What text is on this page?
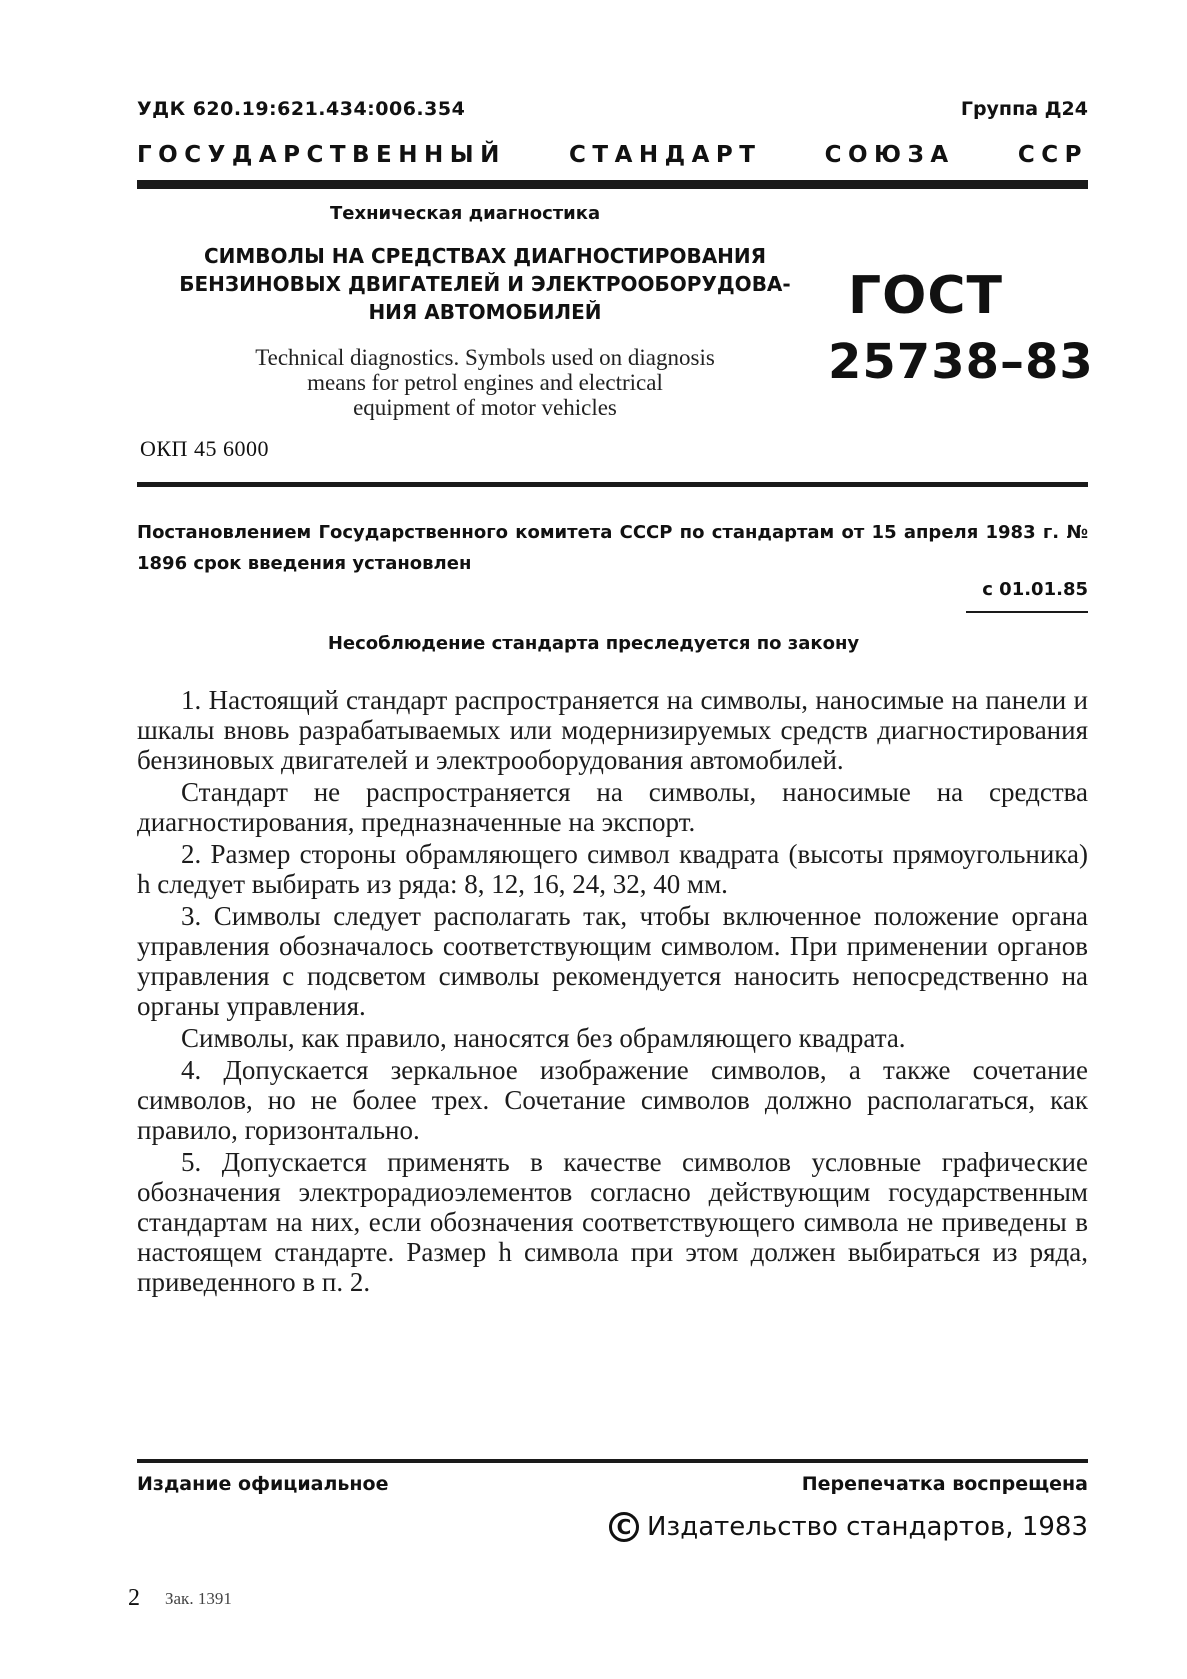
УДК 620.19:621.434:006.354	Группа Д24
ГОСУДАРСТВЕННЫЙ	СТАНДАРТ	СОЮЗА	ССР
Техническая диагностика
СИМВОЛЫ НА СРЕДСТВАХ ДИАГНОСТИРОВАНИЯ
БЕНЗИНОВЫХ ДВИГАТЕЛЕЙ И ЭЛЕКТРООБОРУДОВА-
НИЯ АВТОМОБИЛЕЙ
Technical diagnostics. Symbols used on diagnosis
means for petrol engines and electrical
equipment of motor vehicles
ГОСТ
25738–83
ОКП 45 6000
Постановлением Государственного комитета СССР по стандартам от 15 апреля 1983 г. № 1896 срок введения установлен
с 01.01.85
Несоблюдение стандарта преследуется по закону

1. Настоящий стандарт распространяется на символы, наносимые на панели и шкалы вновь разрабатываемых или модернизируемых средств диагностирования бензиновых двигателей и электрооборудования автомобилей.

Стандарт не распространяется на символы, наносимые на средства диагностирования, предназначенные на экспорт.

2. Размер стороны обрамляющего символ квадрата (высоты прямоугольника) h следует выбирать из ряда: 8, 12, 16, 24, 32, 40 мм.

3. Символы следует располагать так, чтобы включенное положение органа управления обозначалось соответствующим символом. При применении органов управления с подсветом символы рекомендуется наносить непосредственно на органы управления.

Символы, как правило, наносятся без обрамляющего квадрата.

4. Допускается зеркальное изображение символов, а также сочетание символов, но не более трех. Сочетание символов должно располагаться, как правило, горизонтально.

5. Допускается применять в качестве символов условные графические обозначения электрорадиоэлементов согласно действующим государственным стандартам на них, если обозначения соответствующего символа не приведены в настоящем стандарте. Размер h символа при этом должен выбираться из ряда, приведенного в п. 2.

Издание официальное	Перепечатка воспрещена
C Издательство стандартов, 1983
2 Зак. 1391
